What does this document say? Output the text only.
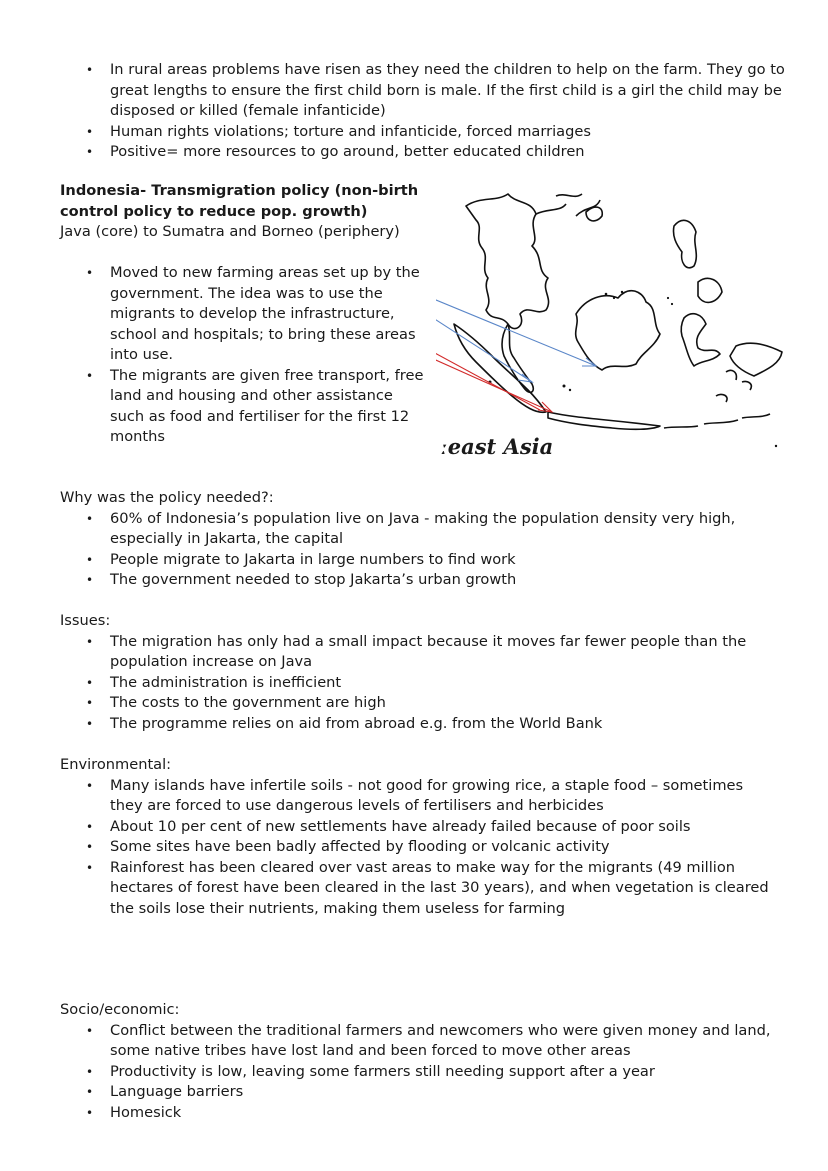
• In rural areas problems have risen as they need the children to help on the farm. They go to great lengths to ensure the first child born is male. If the first child is a girl the child may be disposed or killed (female infanticide)
• Human rights violations; torture and infanticide, forced marriages
• Positive= more resources to go around, better educated children

Indonesia- Transmigration policy (non-birth control policy to reduce pop. growth)

Java (core) to Sumatra and Borneo (periphery)

• Moved to new farming areas set up by the government. The idea was to use the migrants to develop the infrastructure, school and hospitals; to bring these areas into use.
• The migrants are given free transport, free land and housing and other assistance such as food and fertiliser for the first 12 months	ːeast Asia

Why was the policy needed?:

• 60% of Indonesia’s population live on Java - making the population density very high, especially in Jakarta, the capital
• People migrate to Jakarta in large numbers to find work
• The government needed to stop Jakarta’s urban growth

Issues:

• The migration has only had a small impact because it moves far fewer people than the population increase on Java
• The administration is inefficient
• The costs to the government are high
• The programme relies on aid from abroad e.g. from the World Bank

Environmental:

• Many islands have infertile soils - not good for growing rice, a staple food – sometimes they are forced to use dangerous levels of fertilisers and herbicides
• About 10 per cent of new settlements have already failed because of poor soils
• Some sites have been badly affected by flooding or volcanic activity
• Rainforest has been cleared over vast areas to make way for the migrants (49 million hectares of forest have been cleared in the last 30 years), and when vegetation is cleared the soils lose their nutrients, making them useless for farming

Socio/economic:

• Conflict between the traditional farmers and newcomers who were given money and land, some native tribes have lost land and been forced to move other areas
• Productivity is low, leaving some farmers still needing support after a year
• Language barriers
• Homesick
